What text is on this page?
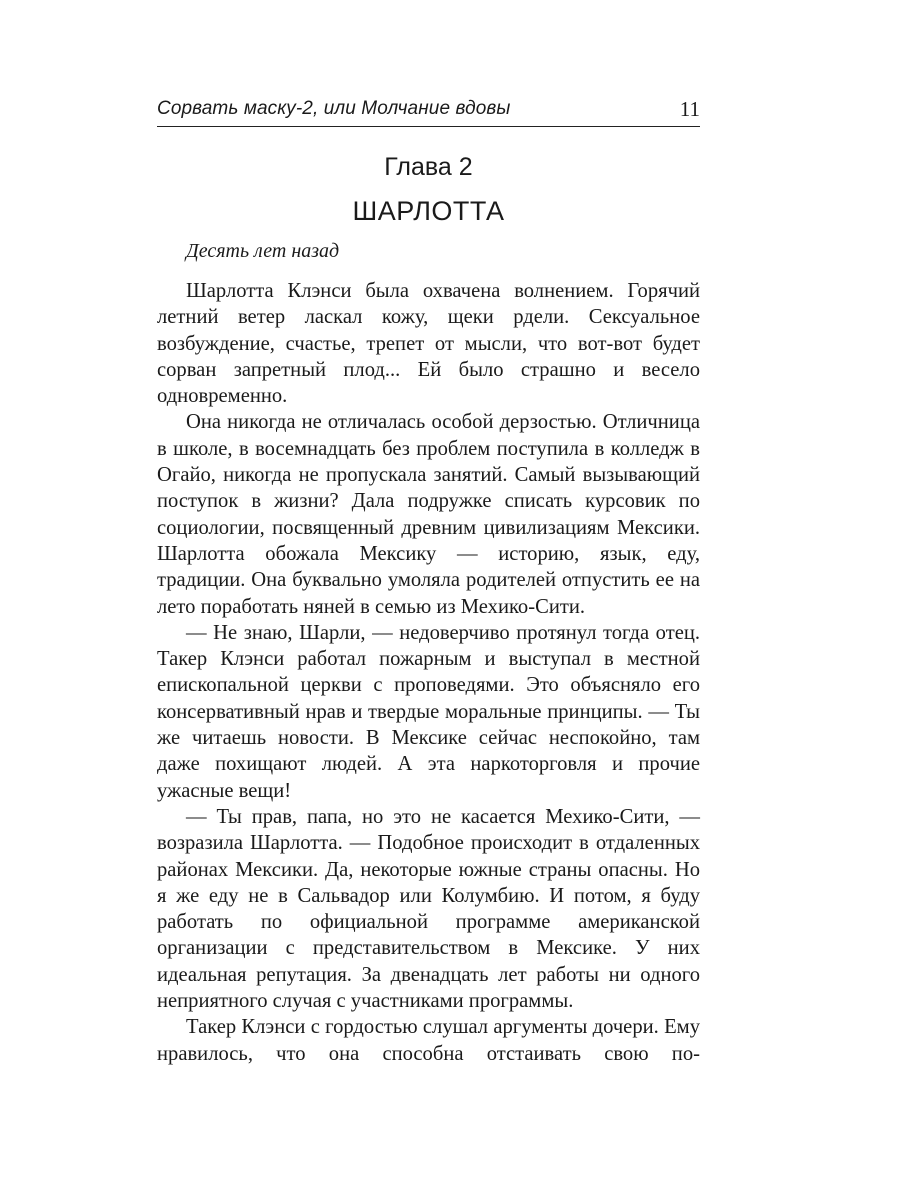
Сорвать маску-2, или Молчание вдовы	11
Глава 2
ШАРЛОТТА
Десять лет назад

Шарлотта Клэнси была охвачена волнением. Горячий летний ветер ласкал кожу, щеки рдели. Сексуальное возбуждение, счастье, трепет от мысли, что вот-вот будет сорван запретный плод... Ей было страшно и весело одновременно.

Она никогда не отличалась особой дерзостью. Отличница в школе, в восемнадцать без проблем поступила в колледж в Огайо, никогда не пропускала занятий. Самый вызывающий поступок в жизни? Дала подружке списать курсовик по социологии, посвященный древним цивилизациям Мексики. Шарлотта обожала Мексику — историю, язык, еду, традиции. Она буквально умоляла родителей отпустить ее на лето поработать няней в семью из Мехико-Сити.

— Не знаю, Шарли, — недоверчиво протянул тогда отец. Такер Клэнси работал пожарным и выступал в местной епископальной церкви с проповедями. Это объясняло его консервативный нрав и твердые моральные принципы. — Ты же читаешь новости. В Мексике сейчас неспокойно, там даже похищают людей. А эта наркоторговля и прочие ужасные вещи!

— Ты прав, папа, но это не касается Мехико-Сити, — возразила Шарлотта. — Подобное происходит в отдаленных районах Мексики. Да, некоторые южные страны опасны. Но я же еду не в Сальвадор или Колумбию. И потом, я буду работать по официальной программе американской организации с представительством в Мексике. У них идеальная репутация. За двенадцать лет работы ни одного неприятного случая с участниками программы.

Такер Клэнси с гордостью слушал аргументы дочери. Ему нравилось, что она способна отстаивать свою по-
